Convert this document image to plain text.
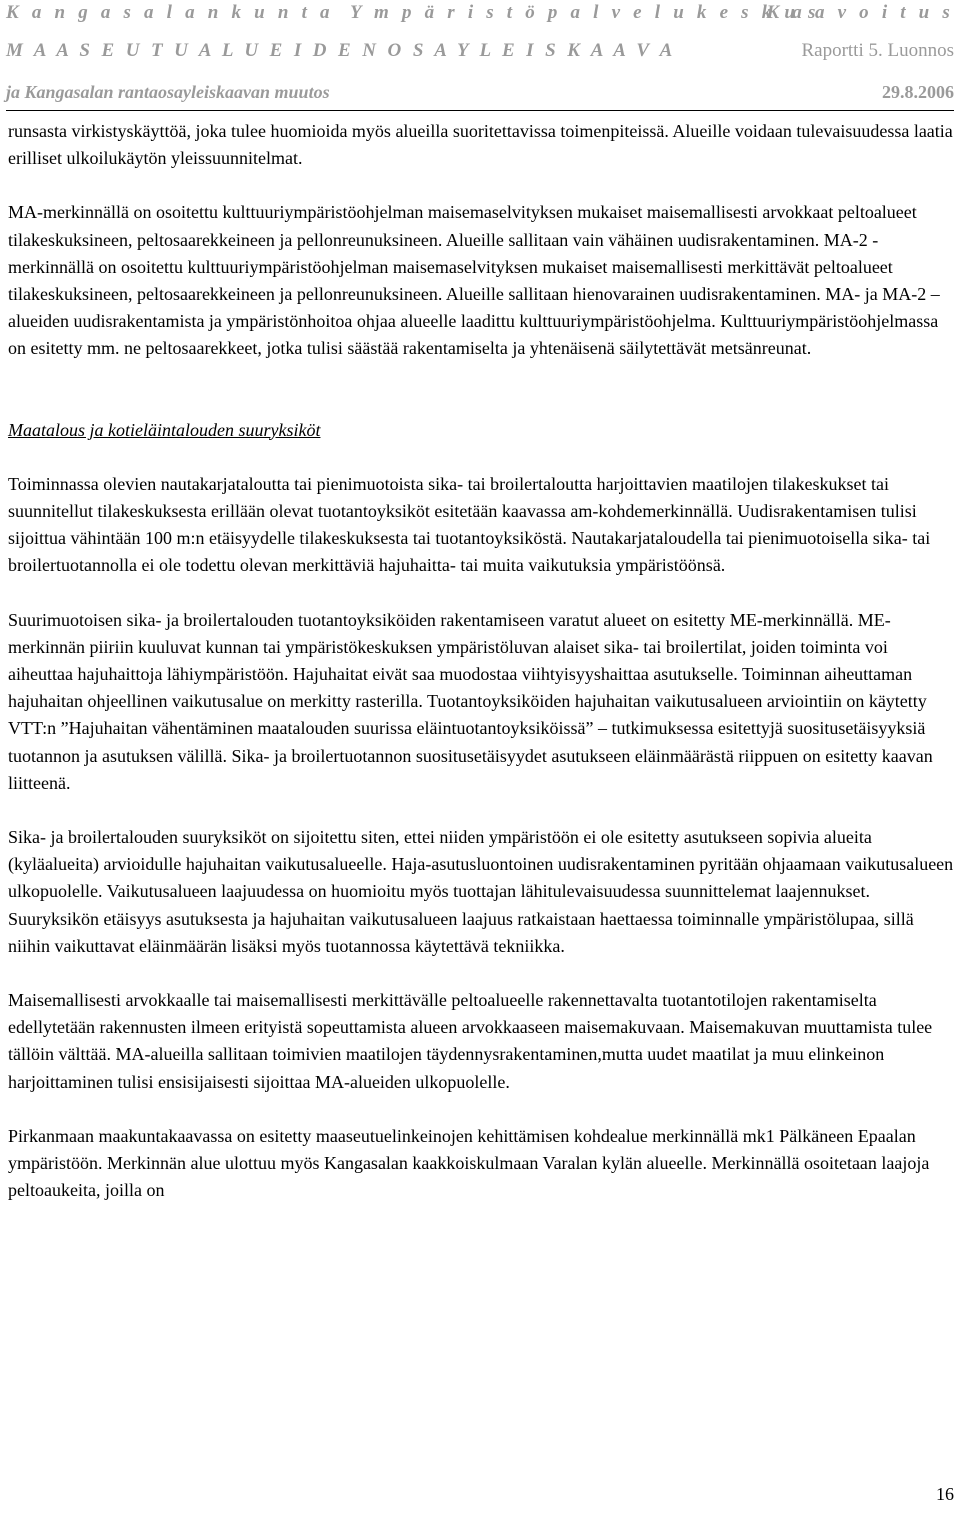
K a n g a s a l a n k u n t a Y m p ä r i s t ö p a l v e l u k e s k u s
K a a v o i t u s
M A A S E U T U A L U E I D E N O S A Y L E I S K A A V A	Raportti 5. Luonnos
ja Kangasalan rantaosayleiskaavan muutos	29.8.2006

runsasta virkistyskäyttöä, joka tulee huomioida myös alueilla suoritettavissa toimenpiteissä. Alueille voidaan tulevaisuudessa laatia erilliset ulkoilukäytön yleissuunnitelmat.

MA-merkinnällä on osoitettu kulttuuriympäristöohjelman maisemaselvityksen mukaiset maisemallisesti arvokkaat peltoalueet tilakeskuksineen, peltosaarekkeineen ja pellonreunuksineen. Alueille sallitaan vain vähäinen uudisrakentaminen. MA-2 -merkinnällä on osoitettu kulttuuriympäristöohjelman maisemaselvityksen mukaiset maisemallisesti merkittävät peltoalueet tilakeskuksineen, peltosaarekkeineen ja pellonreunuksineen. Alueille sallitaan hienovarainen uudisrakentaminen. MA- ja MA-2 –alueiden uudisrakentamista ja ympäristönhoitoa ohjaa alueelle laadittu kulttuuriympäristöohjelma. Kulttuuriympäristöohjelmassa on esitetty mm. ne peltosaarekkeet, jotka tulisi säästää rakentamiselta ja yhtenäisenä säilytettävät metsänreunat.

Maatalous ja kotieläintalouden suuryksiköt

Toiminnassa olevien nautakarjataloutta tai pienimuotoista sika- tai broilertaloutta harjoittavien maatilojen tilakeskukset tai suunnitellut tilakeskuksesta erillään olevat tuotantoyksiköt esitetään kaavassa am-kohdemerkinnällä. Uudisrakentamisen tulisi sijoittua vähintään 100 m:n etäisyydelle tilakeskuksesta tai tuotantoyksiköstä. Nautakarjataloudella tai pienimuotoisella sika- tai broilertuotannolla ei ole todettu olevan merkittäviä hajuhaitta- tai muita vaikutuksia ympäristöönsä.

Suurimuotoisen sika- ja broilertalouden tuotantoyksiköiden rakentamiseen varatut alueet on esitetty ME-merkinnällä. ME-merkinnän piiriin kuuluvat kunnan tai ympäristökeskuksen ympäristöluvan alaiset sika- tai broilertilat, joiden toiminta voi aiheuttaa hajuhaittoja lähiympäristöön. Hajuhaitat eivät saa muodostaa viihtyisyyshaittaa asutukselle. Toiminnan aiheuttaman hajuhaitan ohjeellinen vaikutusalue on merkitty rasterilla. Tuotantoyksiköiden hajuhaitan vaikutusalueen arviointiin on käytetty VTT:n ”Hajuhaitan vähentäminen maatalouden suurissa eläintuotantoyksiköissä” – tutkimuksessa esitettyjä suositusetäisyyksiä tuotannon ja asutuksen välillä. Sika- ja broilertuotannon suositusetäisyydet asutukseen eläinmäärästä riippuen on esitetty kaavan liitteenä.

Sika- ja broilertalouden suuryksiköt on sijoitettu siten, ettei niiden ympäristöön ei ole esitetty asutukseen sopivia alueita (kyläalueita) arvioidulle hajuhaitan vaikutusalueelle. Haja-asutusluontoinen uudisrakentaminen pyritään ohjaamaan vaikutusalueen ulkopuolelle. Vaikutusalueen laajuudessa on huomioitu myös tuottajan lähitulevaisuudessa suunnittelemat laajennukset. Suuryksikön etäisyys asutuksesta ja hajuhaitan vaikutusalueen laajuus ratkaistaan haettaessa toiminnalle ympäristölupaa, sillä niihin vaikuttavat eläinmäärän lisäksi myös tuotannossa käytettävä tekniikka.

Maisemallisesti arvokkaalle tai maisemallisesti merkittävälle peltoalueelle rakennettavalta tuotantotilojen rakentamiselta edellytetään rakennusten ilmeen erityistä sopeuttamista alueen arvokkaaseen maisemakuvaan. Maisemakuvan muuttamista tulee tällöin välttää. MA-alueilla sallitaan toimivien maatilojen täydennysrakentaminen,mutta uudet maatilat ja muu elinkeinon harjoittaminen tulisi ensisijaisesti sijoittaa MA-alueiden ulkopuolelle.

Pirkanmaan maakuntakaavassa on esitetty maaseutuelinkeinojen kehittämisen kohdealue merkinnällä mk1 Pälkäneen Epaalan ympäristöön. Merkinnän alue ulottuu myös Kangasalan kaakkoiskulmaan Varalan kylän alueelle. Merkinnällä osoitetaan laajoja peltoaukeita, joilla on

16
